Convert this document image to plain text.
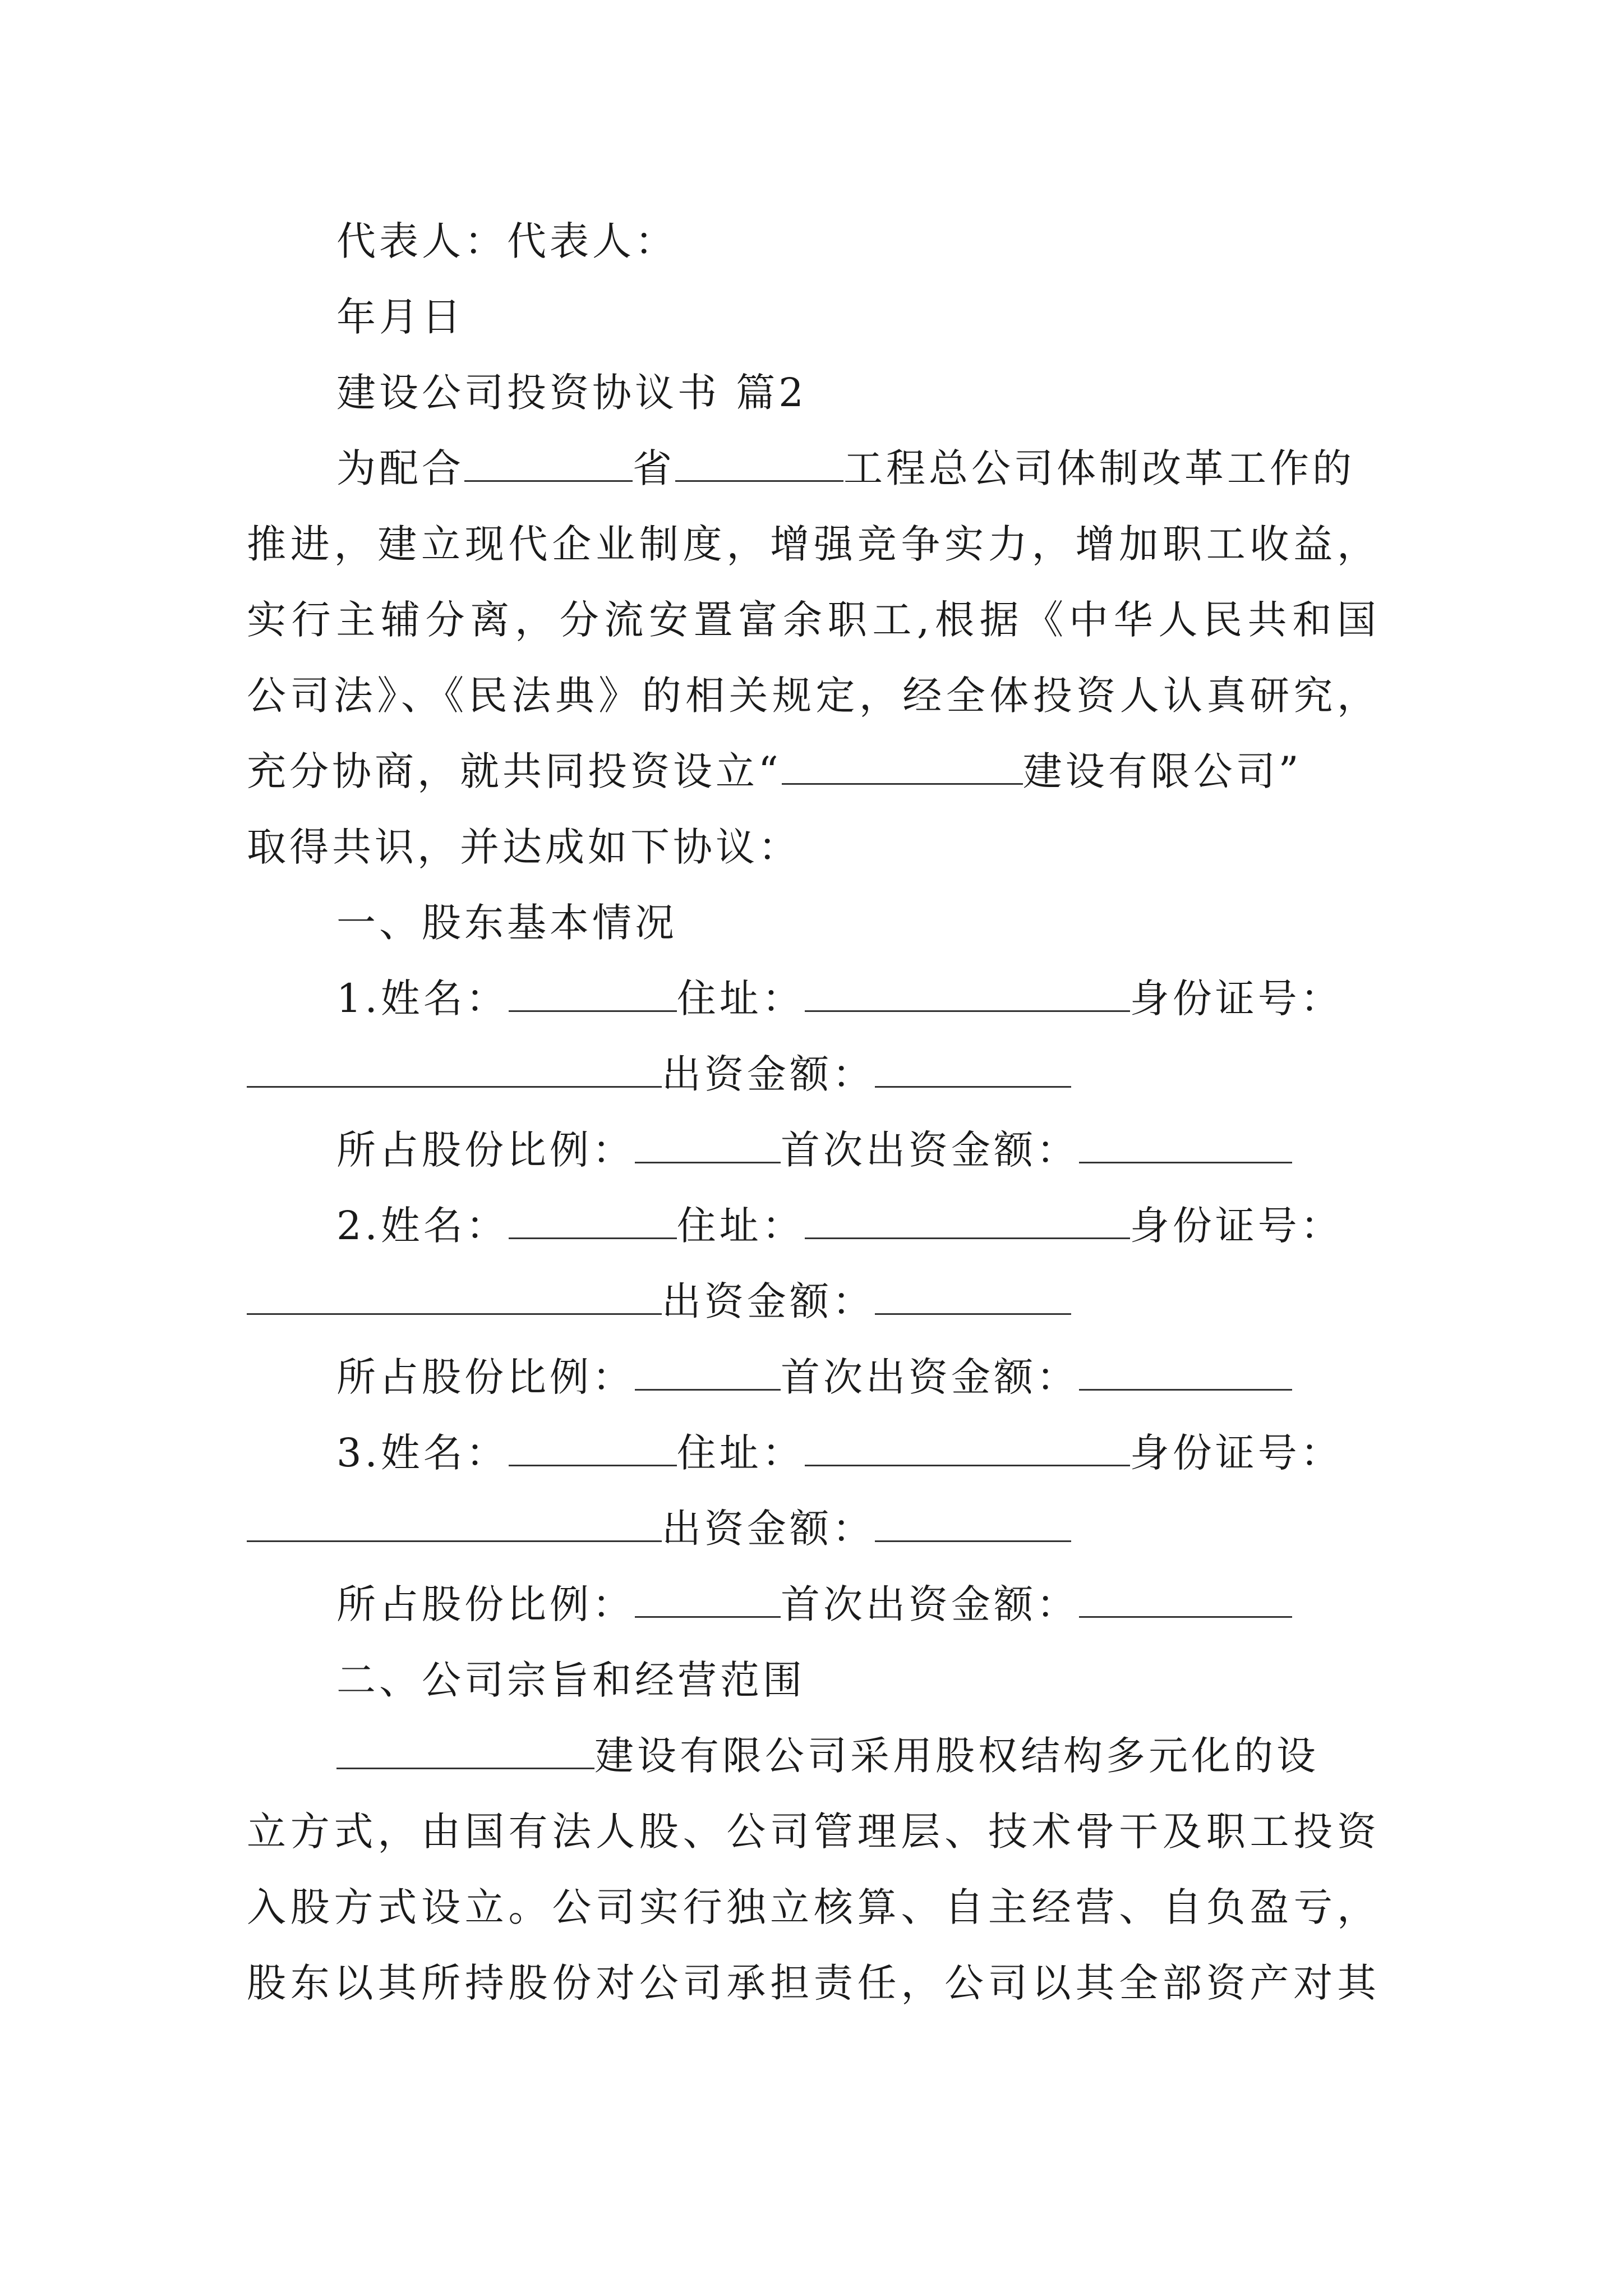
代表人：代表人：
年月日
建设公司投资协议书 篇2
为配合	省	工程总公司体制改革工作的
推进，建立现代企业制度，增强竞争实力，增加职工收益，
实行主辅分离，分流安置富余职工,根据《中华人民共和国
公司法》、《民法典》的相关规定，经全体投资人认真研究，
充分协商，就共同投资设立“	建设有限公司”
取得共识，并达成如下协议：
一、股东基本情况
1.姓名：	住址：	身份证号：
出资金额：
所占股份比例：	首次出资金额：
2.姓名：	住址：	身份证号：
出资金额：
所占股份比例：	首次出资金额：
3.姓名：	住址：	身份证号：
出资金额：
所占股份比例：	首次出资金额：
二、公司宗旨和经营范围
建设有限公司采用股权结构多元化的设
立方式，由国有法人股、公司管理层、技术骨干及职工投资
入股方式设立。公司实行独立核算、自主经营、自负盈亏，
股东以其所持股份对公司承担责任，公司以其全部资产对其
